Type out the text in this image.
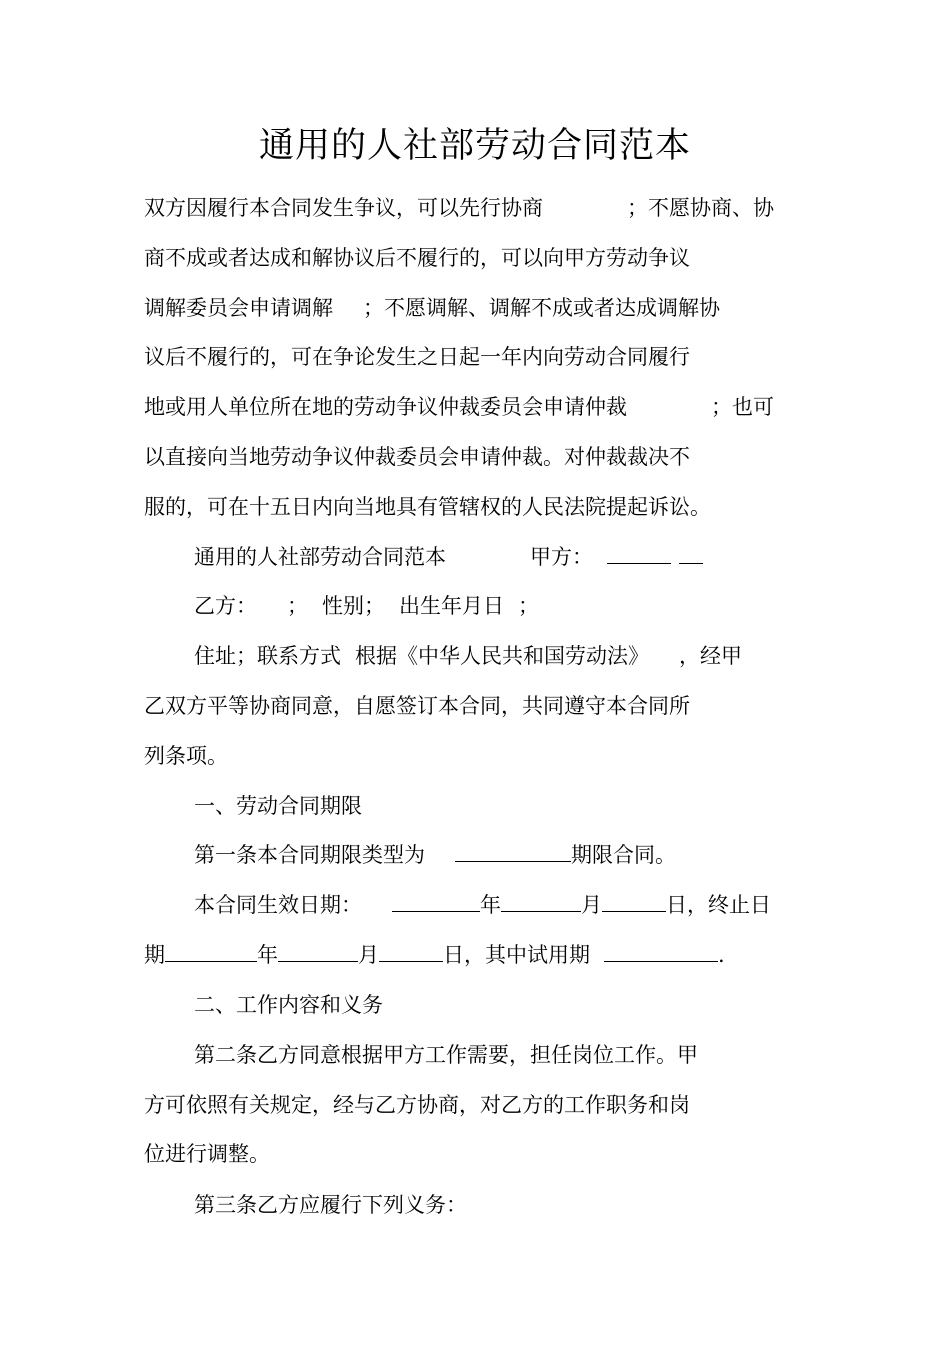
通用的人社部劳动合同范本
双方因履行本合同发生争议，可以先行协商	；不愿协商、协
商不成或者达成和解协议后不履行的，可以向甲方劳动争议
调解委员会申请调解 ；不愿调解、调解不成或者达成调解协
议后不履行的，可在争论发生之日起一年内向劳动合同履行
地或用人单位所在地的劳动争议仲裁委员会申请仲裁	；也可
以直接向当地劳动争议仲裁委员会申请仲裁。对仲裁裁决不
服的，可在十五日内向当地具有管辖权的人民法院提起诉讼。
通用的人社部劳动合同范本	甲方：
乙方： ； 性别； 出生年月日 ；
住址；联系方式 根据《中华人民共和国劳动法》 ，经甲
乙双方平等协商同意，自愿签订本合同，共同遵守本合同所
列条项。
一、劳动合同期限
第一条本合同期限类型为	期限合同。
本合同生效日期：	年	月	日，终止日
期	年	月	日，其中试用期	.
二、工作内容和义务
第二条乙方同意根据甲方工作需要，担任岗位工作。甲
方可依照有关规定，经与乙方协商，对乙方的工作职务和岗
位进行调整。
第三条乙方应履行下列义务：
